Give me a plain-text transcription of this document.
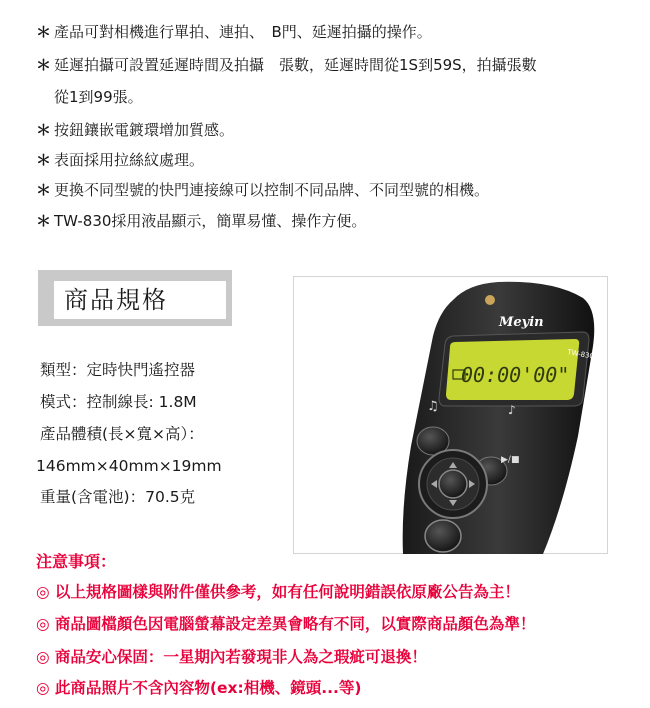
＊ 產品可對相機進行單拍、連拍、　B門、延遲拍攝的操作。
＊ 延遲拍攝可設置延遲時間及拍攝　張數，延遲時間從1S到59S，拍攝張數
從1到99張。
＊ 按鈕鑲嵌電鍍環增加質感。
＊ 表面採用拉絲紋處理。
＊ 更換不同型號的快門連接線可以控制不同品牌、不同型號的相機。
＊ TW-830採用液晶顯示，簡單易懂、操作方便。
商品規格
類型：定時快門遙控器
模式：控制線長: 1.8M
產品體積(長×寬×高）：
146mm×40mm×19mm
重量(含電池)：70.5克
Meyin
TW-830
00:00'00"
♫	♪
▶/■
注意事項：
◎ 以上規格圖樣與附件僅供參考，如有任何說明錯誤依原廠公告為主！
◎ 商品圖檔顏色因電腦螢幕設定差異會略有不同，以實際商品顏色為準！
◎ 商品安心保固：一星期內若發現非人為之瑕疵可退換！
◎ 此商品照片不含內容物(ex:相機、鏡頭...等)
